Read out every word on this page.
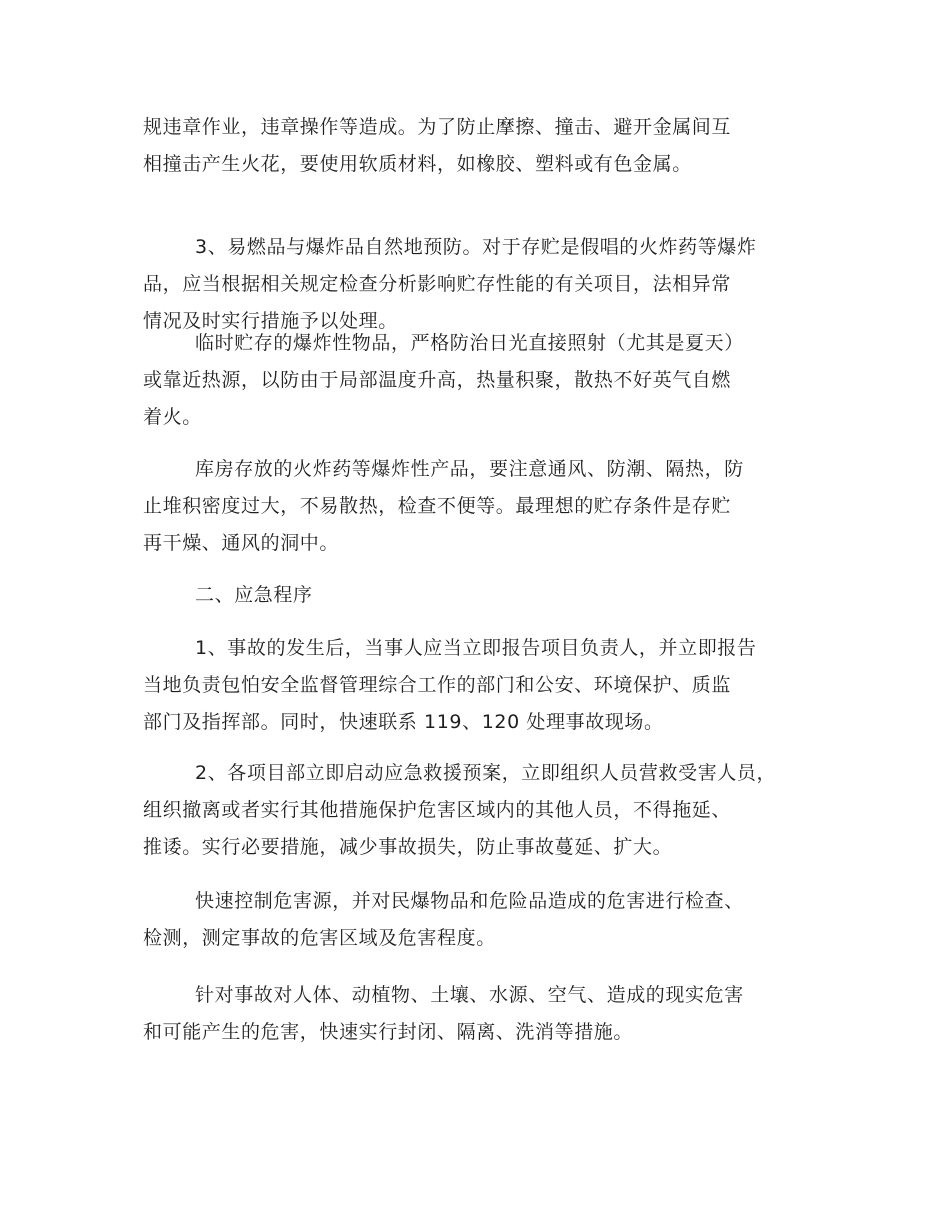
规违章作业，违章操作等造成。为了防止摩擦、撞击、避开金属间互
相撞击产生火花，要使用软质材料，如橡胶、塑料或有色金属。
3、易燃品与爆炸品自然地预防。对于存贮是假唱的火炸药等爆炸
品，应当根据相关规定检查分析影响贮存性能的有关项目，法相异常
情况及时实行措施予以处理。
临时贮存的爆炸性物品，严格防治日光直接照射（尤其是夏天）
或靠近热源，以防由于局部温度升高，热量积聚，散热不好英气自燃
着火。
库房存放的火炸药等爆炸性产品，要注意通风、防潮、隔热，防
止堆积密度过大，不易散热，检查不便等。最理想的贮存条件是存贮
再干燥、通风的洞中。
二、应急程序
1、事故的发生后，当事人应当立即报告项目负责人，并立即报告
当地负责包怕安全监督管理综合工作的部门和公安、环境保护、质监
部门及指挥部。同时，快速联系 119、120 处理事故现场。
2、各项目部立即启动应急救援预案，立即组织人员营救受害人员，
组织撤离或者实行其他措施保护危害区域内的其他人员，不得拖延、
推诿。实行必要措施，减少事故损失，防止事故蔓延、扩大。
快速控制危害源，并对民爆物品和危险品造成的危害进行检查、
检测，测定事故的危害区域及危害程度。
针对事故对人体、动植物、土壤、水源、空气、造成的现实危害
和可能产生的危害，快速实行封闭、隔离、洗消等措施。
